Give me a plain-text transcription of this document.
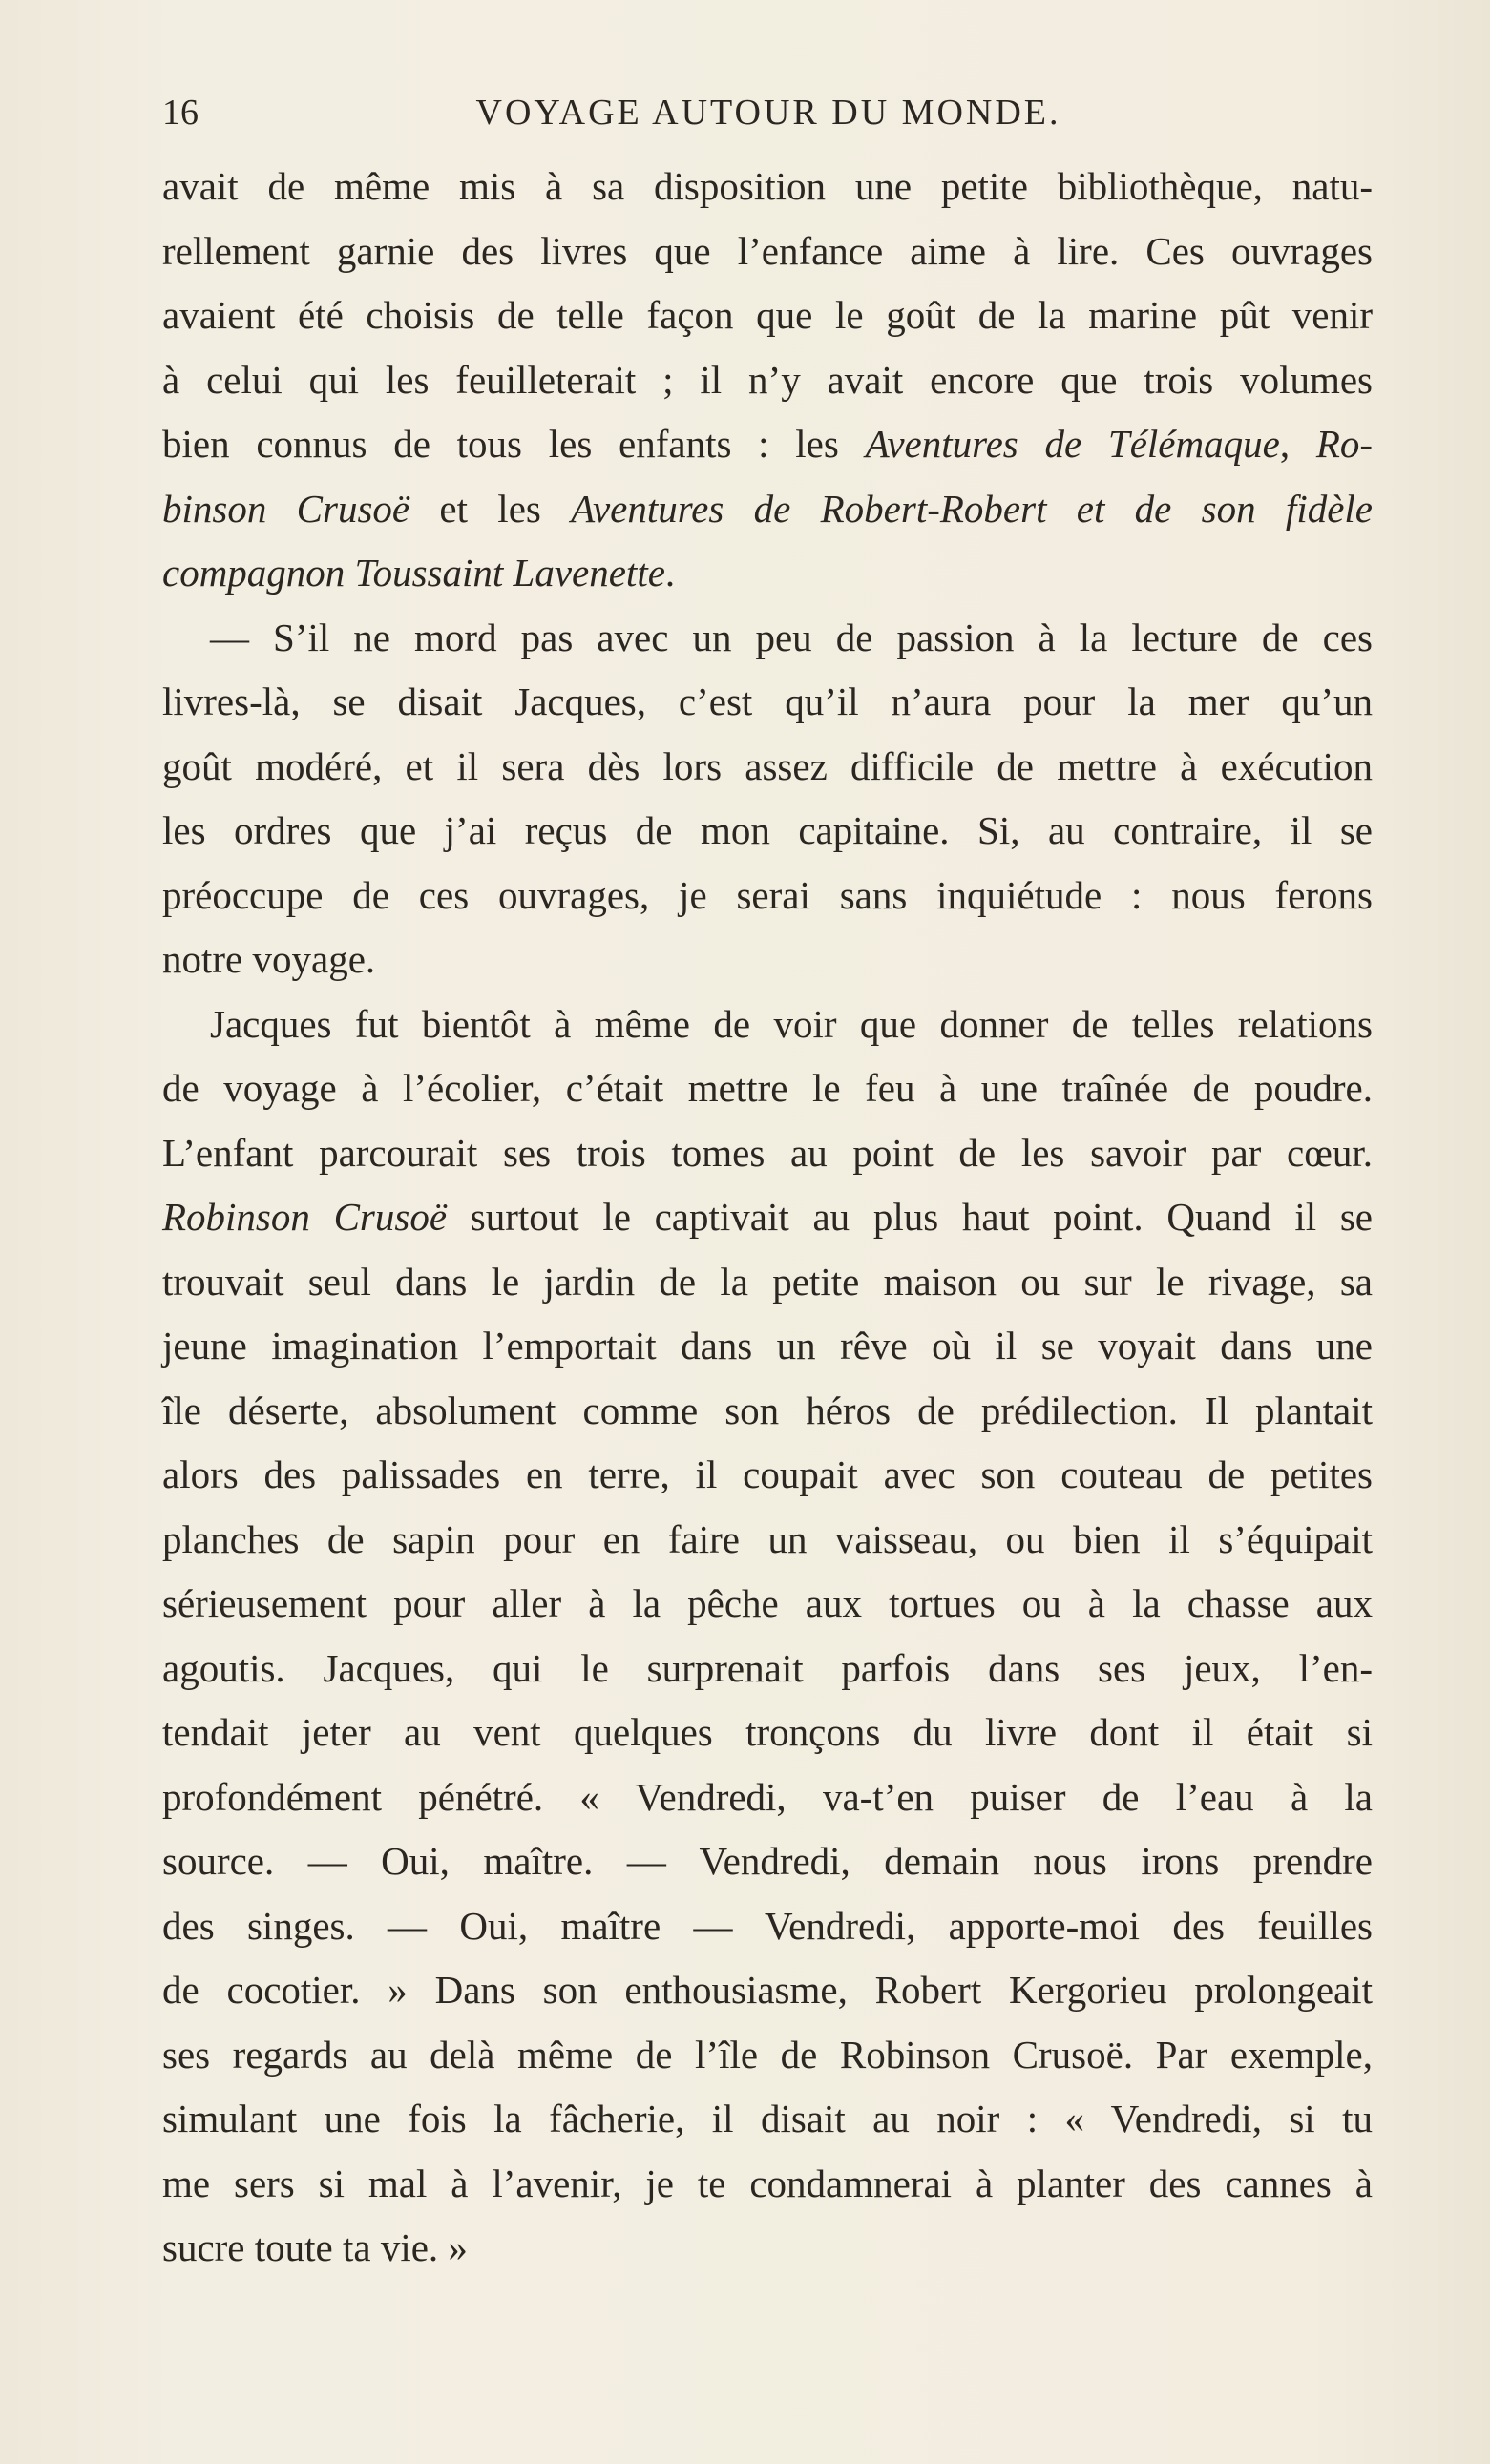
16	VOYAGE AUTOUR DU MONDE.
avait de même mis à sa disposition une petite bibliothèque, natu-
rellement garnie des livres que l’enfance aime à lire. Ces ouvrages
avaient été choisis de telle façon que le goût de la marine pût venir
à celui qui les feuilleterait ; il n’y avait encore que trois volumes
bien connus de tous les enfants : les Aventures de Télémaque, Ro-
binson Crusoë et les Aventures de Robert-Robert et de son fidèle
compagnon Toussaint Lavenette.
— S’il ne mord pas avec un peu de passion à la lecture de ces
livres-là, se disait Jacques, c’est qu’il n’aura pour la mer qu’un
goût modéré, et il sera dès lors assez difficile de mettre à exécution
les ordres que j’ai reçus de mon capitaine. Si, au contraire, il se
préoccupe de ces ouvrages, je serai sans inquiétude : nous ferons
notre voyage.
Jacques fut bientôt à même de voir que donner de telles relations
de voyage à l’écolier, c’était mettre le feu à une traînée de poudre.
L’enfant parcourait ses trois tomes au point de les savoir par cœur.
Robinson Crusoë surtout le captivait au plus haut point. Quand il se
trouvait seul dans le jardin de la petite maison ou sur le rivage, sa
jeune imagination l’emportait dans un rêve où il se voyait dans une
île déserte, absolument comme son héros de prédilection. Il plantait
alors des palissades en terre, il coupait avec son couteau de petites
planches de sapin pour en faire un vaisseau, ou bien il s’équipait
sérieusement pour aller à la pêche aux tortues ou à la chasse aux
agoutis. Jacques, qui le surprenait parfois dans ses jeux, l’en-
tendait jeter au vent quelques tronçons du livre dont il était si
profondément pénétré. « Vendredi, va-t’en puiser de l’eau à la
source. — Oui, maître. — Vendredi, demain nous irons prendre
des singes. — Oui, maître — Vendredi, apporte-moi des feuilles
de cocotier. » Dans son enthousiasme, Robert Kergorieu prolongeait
ses regards au delà même de l’île de Robinson Crusoë. Par exemple,
simulant une fois la fâcherie, il disait au noir : « Vendredi, si tu
me sers si mal à l’avenir, je te condamnerai à planter des cannes à
sucre toute ta vie. »
